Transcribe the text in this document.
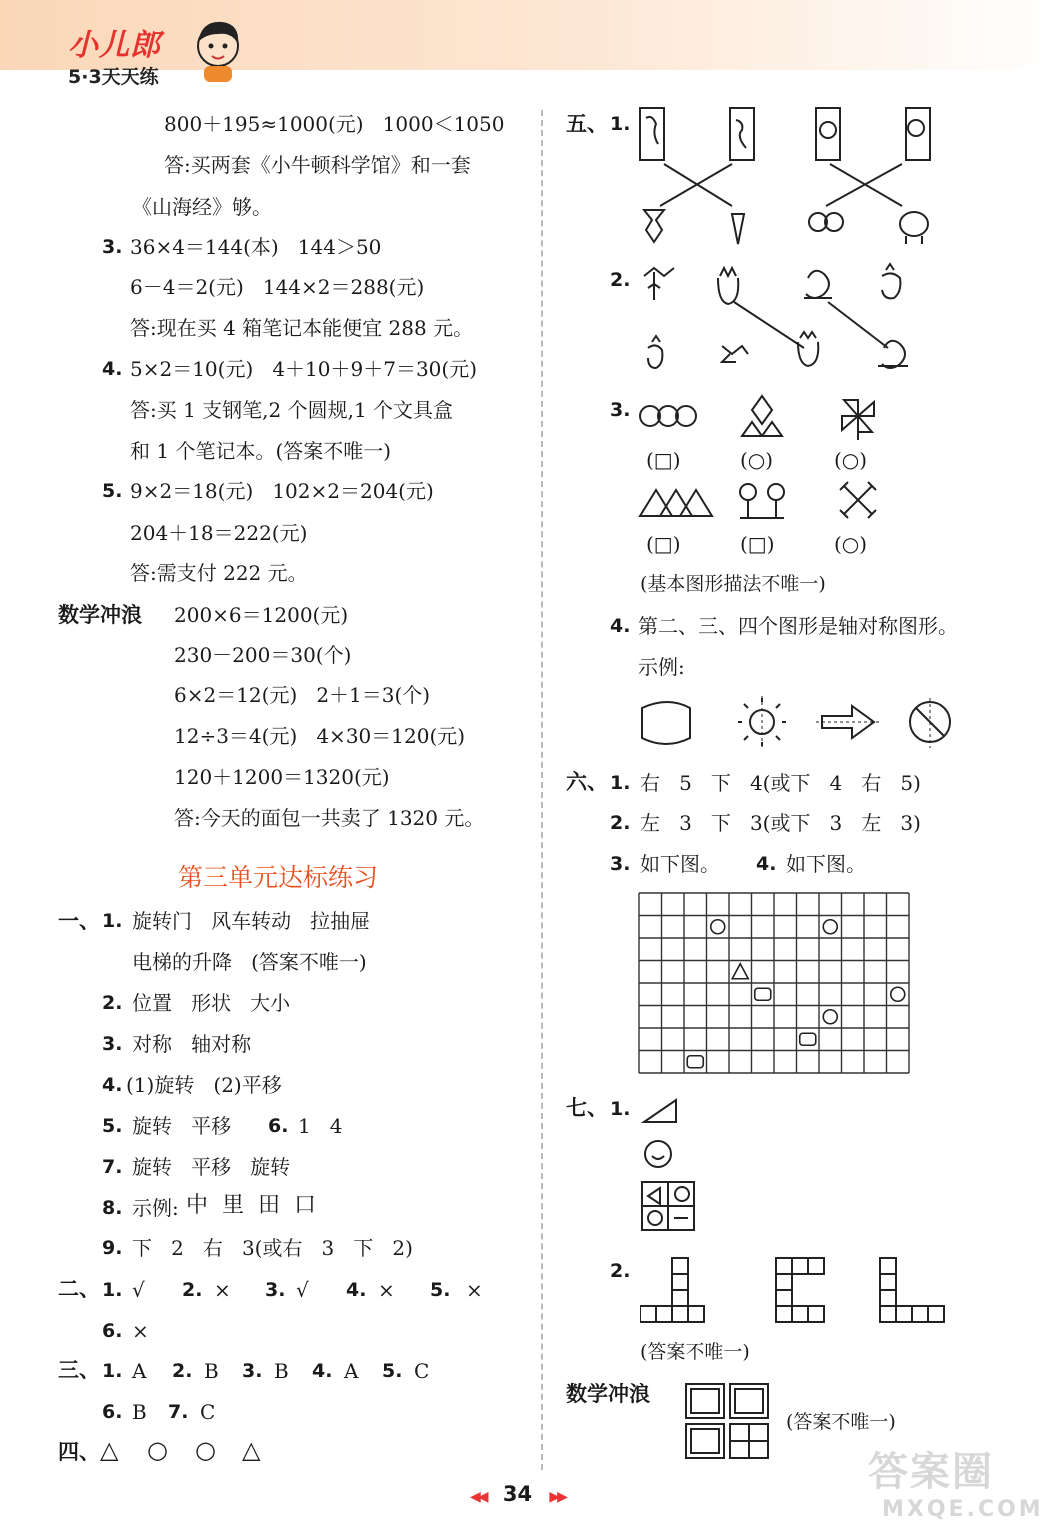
小儿郎
5·3天天练
800＋195≈1000(元)   1000＜1050
答:买两套《小牛顿科学馆》和一套
《山海经》够。
3. 36×4＝144(本)   144＞50
6－4＝2(元)   144×2＝288(元)
答:现在买 4 箱笔记本能便宜 288 元。
4. 5×2＝10(元)   4＋10＋9＋7＝30(元)
答:买 1 支钢笔,2 个圆规,1 个文具盒
和 1 个笔记本。(答案不唯一)
5. 9×2＝18(元)   102×2＝204(元)
204＋18＝222(元)
答:需支付 222 元。
数学冲浪 200×6＝1200(元)
230－200＝30(个)
6×2＝12(元)   2＋1＝3(个)
12÷3＝4(元)   4×30＝120(元)
120＋1200＝1320(元)
答:今天的面包一共卖了 1320 元。
第三单元达标练习
一、 1. 旋转门   风车转动   拉抽屉
电梯的升降   (答案不唯一)
2. 位置   形状   大小
3. 对称   轴对称
4. (1)旋转   (2)平移
5. 旋转   平移 6. 1   4
7. 旋转   平移   旋转
8. 示例: 中  里  田  口
9. 下   2   右   3(或右   3   下   2)
二、 1. √ 2. × 3. √ 4. × 5. ×
6. ×
三、 1. A 2. B 3. B 4. A 5. C
6. B 7. C
四、 △ ○ ○ △
五、 1.
2.
3.
(□)	(○)	(○)
(□)	(□)	(○)
(基本图形描法不唯一)
4. 第二、三、四个图形是轴对称图形。
示例:
六、 1. 右   5   下   4(或下   4   右   5)
2. 左   3   下   3(或下   3   左   3)
3. 如下图。 4. 如下图。
七、 1.
2.
(答案不唯一)
数学冲浪
(答案不唯一)
◀◀ 34 ▶▶
答案圈
MXQE.COM
